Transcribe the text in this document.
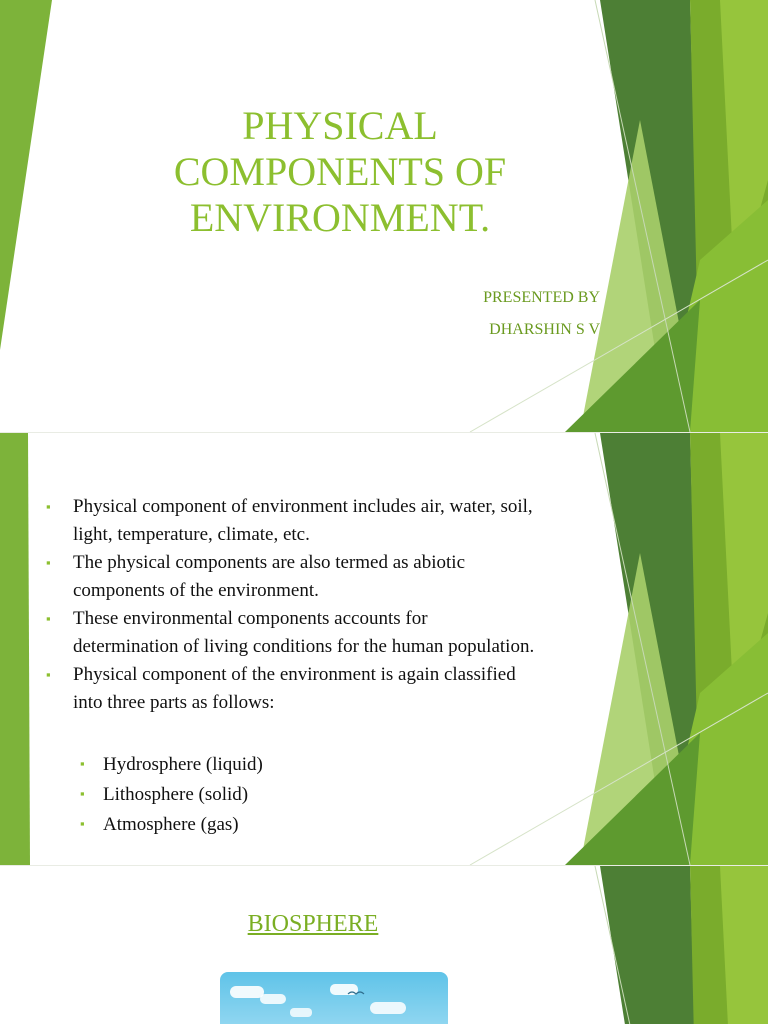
PHYSICAL
COMPONENTS OF
ENVIRONMENT.
PRESENTED BY
DHARSHIN S V
▪ Physical component of environment includes air, water, soil,
light, temperature, climate, etc.
▪ The physical components are also termed as abiotic
components of the environment.
▪ These environmental components accounts for
determination of living conditions for the human population.
▪ Physical component of the environment is again classified
into three parts as follows:
▪ Hydrosphere (liquid)
▪ Lithosphere (solid)
▪ Atmosphere (gas)
BIOSPHERE
